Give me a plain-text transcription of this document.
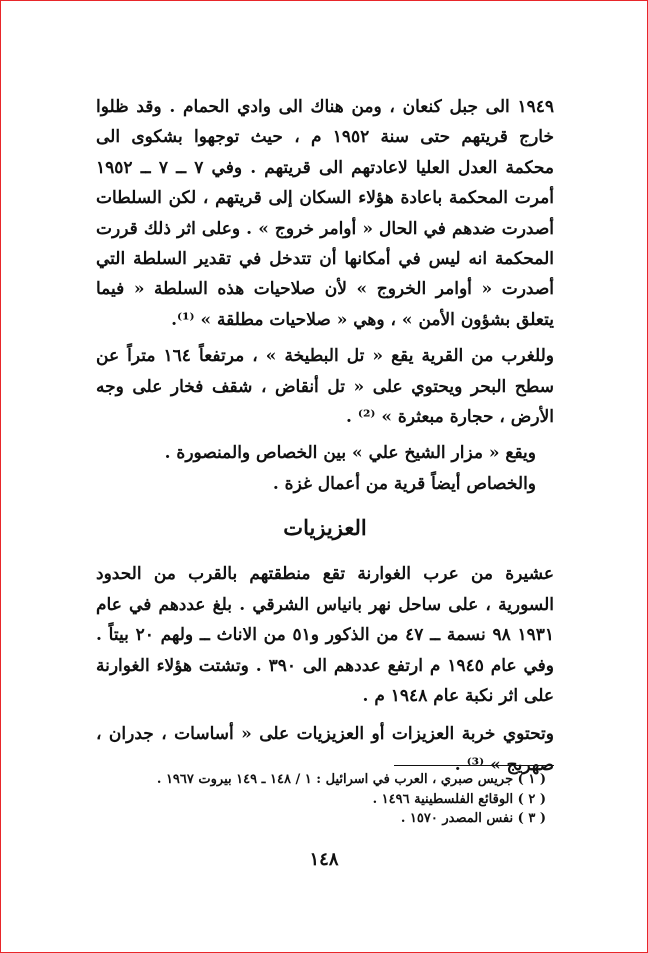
١٩٤٩ الى جبل كنعان ، ومن هناك الى وادي الحمام . وقد ظلوا خارج قريتهم حتى سنة ١٩٥٢ م ، حيث توجهوا بشكوى الى محكمة العدل العليا لاعادتهم الى قريتهم . وفي ٧ ــ ٧ ــ ١٩٥٢ أمرت المحكمة باعادة هؤلاء السكان إلى قريتهم ، لكن السلطات أصدرت ضدهم في الحال « أوامر خروج » . وعلى اثر ذلك قررت المحكمة انه ليس في أمكانها أن تتدخل في تقدير السلطة التي أصدرت « أوامر الخروج » لأن صلاحيات هذه السلطة « فيما يتعلق بشؤون الأمن » ، وهي « صلاحيات مطلقة » ⁽¹⁾.

وللغرب من القرية يقع « تل البطيخة » ، مرتفعاً ١٦٤ متراً عن سطح البحر ويحتوي على « تل أنقاض ، شقف فخار على وجه الأرض ، حجارة مبعثرة » ⁽²⁾ .

ويقع « مزار الشيخ علي » بين الخصاص والمنصورة .

والخصاص أيضاً قرية من أعمال غزة .

العزيزيات

عشيرة من عرب الغوارنة تقع منطقتهم بالقرب من الحدود السورية ، على ساحل نهر بانياس الشرقي . بلغ عددهم في عام ١٩٣١ ٩٨ نسمة ــ ٤٧ من الذكور و٥١ من الاناث ــ ولهم ٢٠ بيتاً . وفي عام ١٩٤٥ م ارتفع عددهم الى ٣٩٠ . وتشتت هؤلاء الغوارنة على اثر نكبة عام ١٩٤٨ م .

وتحتوي خربة العزيزات أو العزيزيات على « أساسات ، جدران ، صهريج » ⁽³⁾ .

( ١ ) جريس صبري ، العرب في اسرائيل : ١ / ١٤٨ ـ ١٤٩ بيروت ١٩٦٧ .

( ٢ ) الوقائع الفلسطينية ١٤٩٦ .

( ٣ ) نفس المصدر ١٥٧٠ .

١٤٨
